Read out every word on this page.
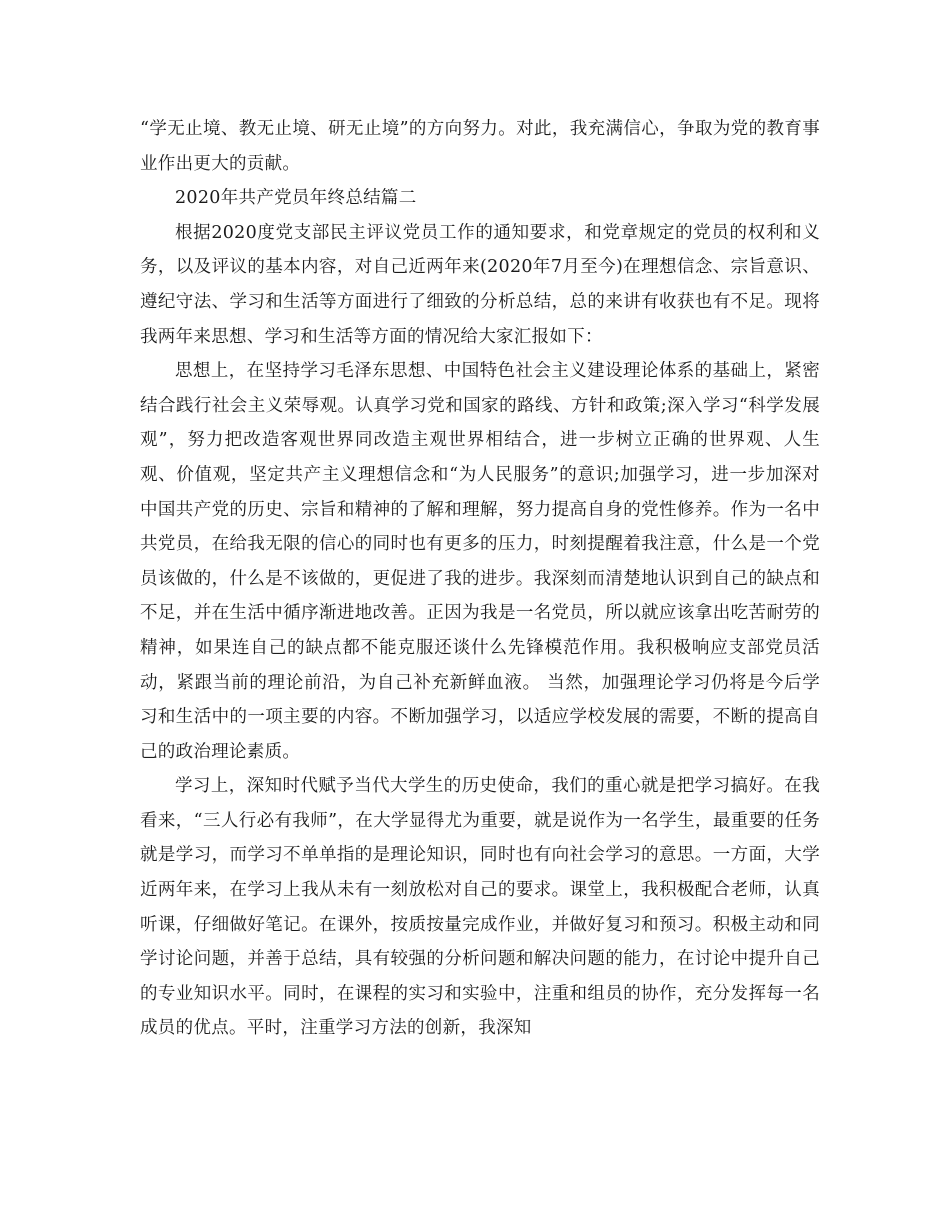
“学无止境、教无止境、研无止境”的方向努力。对此，我充满信心，争取为党的教育事业作出更大的贡献。

2020年共产党员年终总结篇二

根据2020度党支部民主评议党员工作的通知要求，和党章规定的党员的权利和义务，以及评议的基本内容，对自己近两年来(2020年7月至今)在理想信念、宗旨意识、遵纪守法、学习和生活等方面进行了细致的分析总结，总的来讲有收获也有不足。现将我两年来思想、学习和生活等方面的情况给大家汇报如下：

思想上，在坚持学习毛泽东思想、中国特色社会主义建设理论体系的基础上，紧密结合践行社会主义荣辱观。认真学习党和国家的路线、方针和政策;深入学习“科学发展观”，努力把改造客观世界同改造主观世界相结合，进一步树立正确的世界观、人生观、价值观，坚定共产主义理想信念和“为人民服务”的意识;加强学习，进一步加深对中国共产党的历史、宗旨和精神的了解和理解，努力提高自身的党性修养。作为一名中共党员，在给我无限的信心的同时也有更多的压力，时刻提醒着我注意，什么是一个党员该做的，什么是不该做的，更促进了我的进步。我深刻而清楚地认识到自己的缺点和不足，并在生活中循序渐进地改善。正因为我是一名党员，所以就应该拿出吃苦耐劳的精神，如果连自己的缺点都不能克服还谈什么先锋模范作用。我积极响应支部党员活动，紧跟当前的理论前沿，为自己补充新鲜血液。 当然，加强理论学习仍将是今后学习和生活中的一项主要的内容。不断加强学习，以适应学校发展的需要，不断的提高自己的政治理论素质。

学习上，深知时代赋予当代大学生的历史使命，我们的重心就是把学习搞好。在我看来，“三人行必有我师”，在大学显得尤为重要，就是说作为一名学生，最重要的任务就是学习，而学习不单单指的是理论知识，同时也有向社会学习的意思。一方面，大学近两年来，在学习上我从未有一刻放松对自己的要求。课堂上，我积极配合老师，认真听课，仔细做好笔记。在课外，按质按量完成作业，并做好复习和预习。积极主动和同学讨论问题，并善于总结，具有较强的分析问题和解决问题的能力，在讨论中提升自己的专业知识水平。同时，在课程的实习和实验中，注重和组员的协作，充分发挥每一名成员的优点。平时，注重学习方法的创新，我深知
